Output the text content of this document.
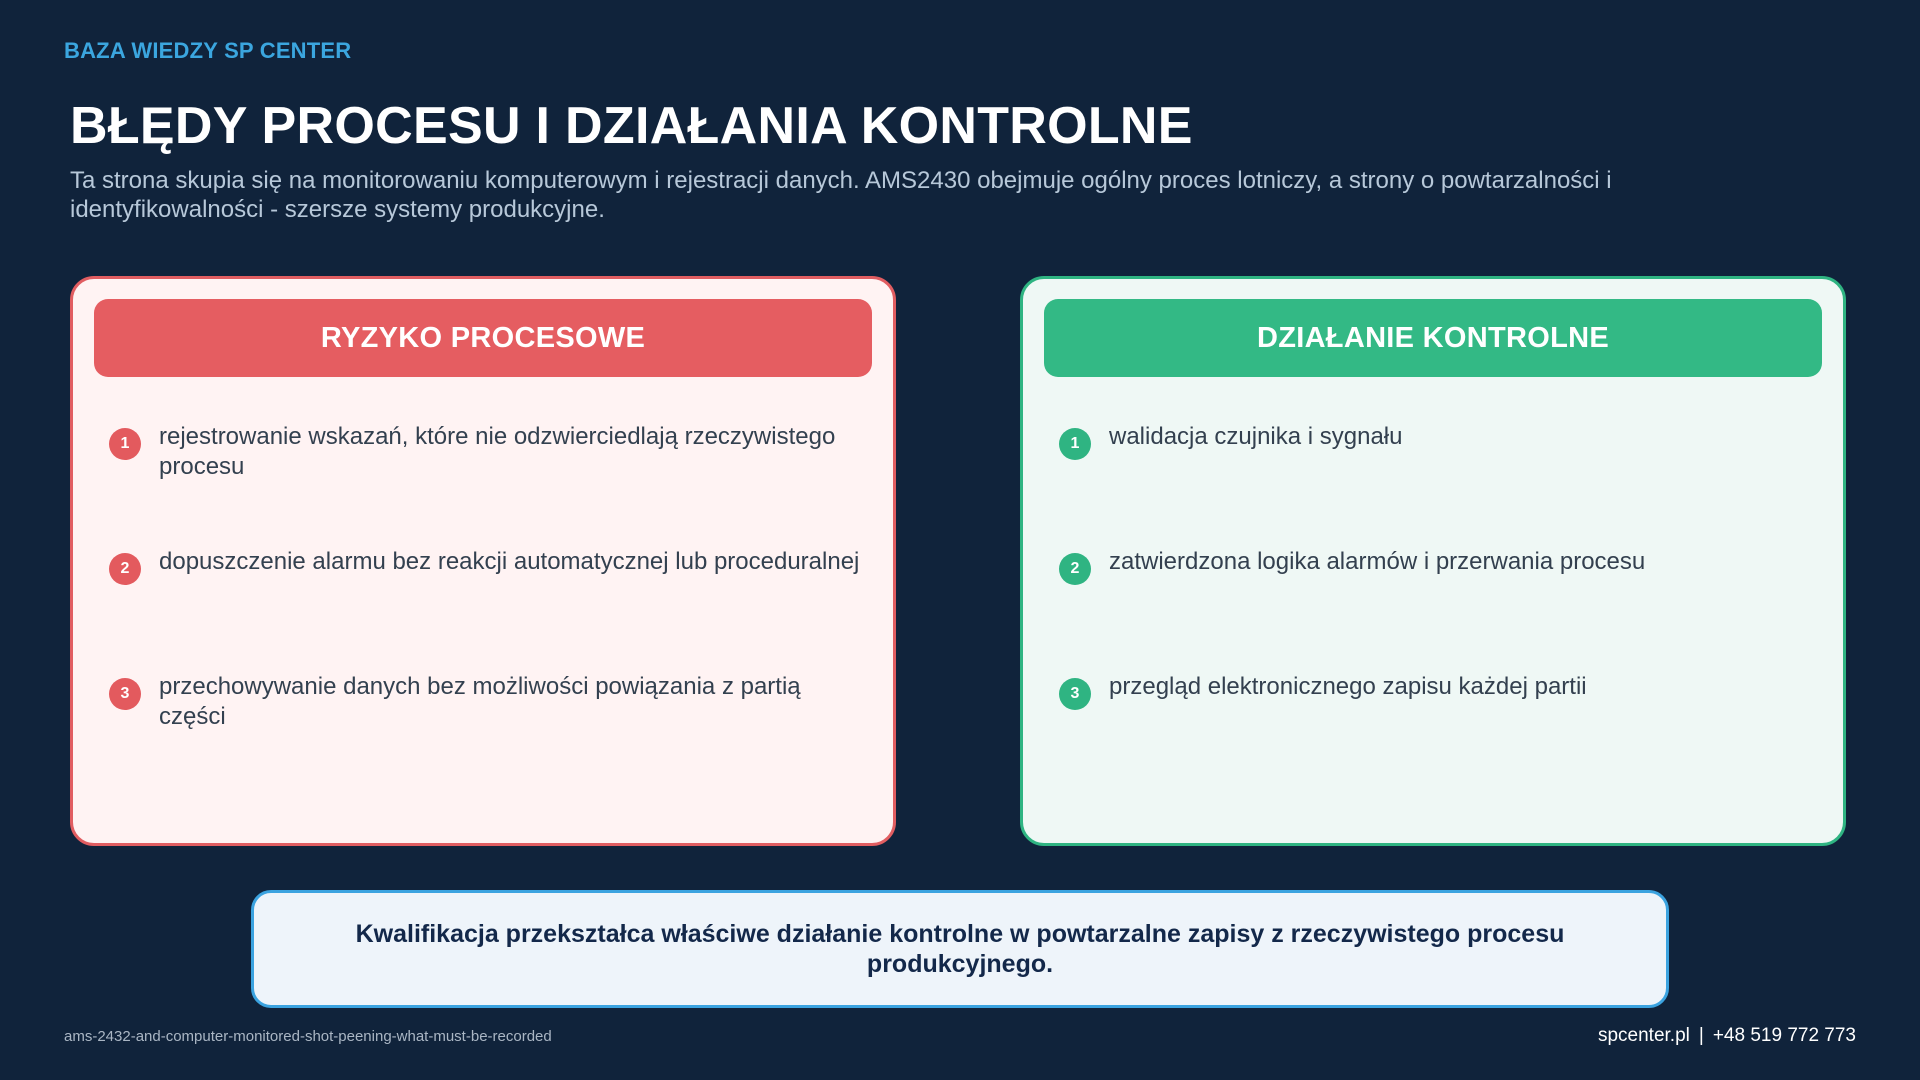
BAZA WIEDZY SP CENTER
BŁĘDY PROCESU I DZIAŁANIA KONTROLNE

Ta strona skupia się na monitorowaniu komputerowym i rejestracji danych. AMS2430 obejmuje ogólny proces lotniczy, a strony o powtarzalności i identyfikowalności - szersze systemy produkcyjne.

RYZYKO PROCESOWE
1	rejestrowanie wskazań, które nie odzwierciedlają rzeczywistego procesu
2	dopuszczenie alarmu bez reakcji automatycznej lub proceduralnej
3	przechowywanie danych bez możliwości powiązania z partią części
DZIAŁANIE KONTROLNE
1	walidacja czujnika i sygnału
2	zatwierdzona logika alarmów i przerwania procesu
3	przegląd elektronicznego zapisu każdej partii

Kwalifikacja przekształca właściwe działanie kontrolne w powtarzalne zapisy z rzeczywistego procesu produkcyjnego.

ams-2432-and-computer-monitored-shot-peening-what-must-be-recorded	spcenter.pl | +48 519 772 773
